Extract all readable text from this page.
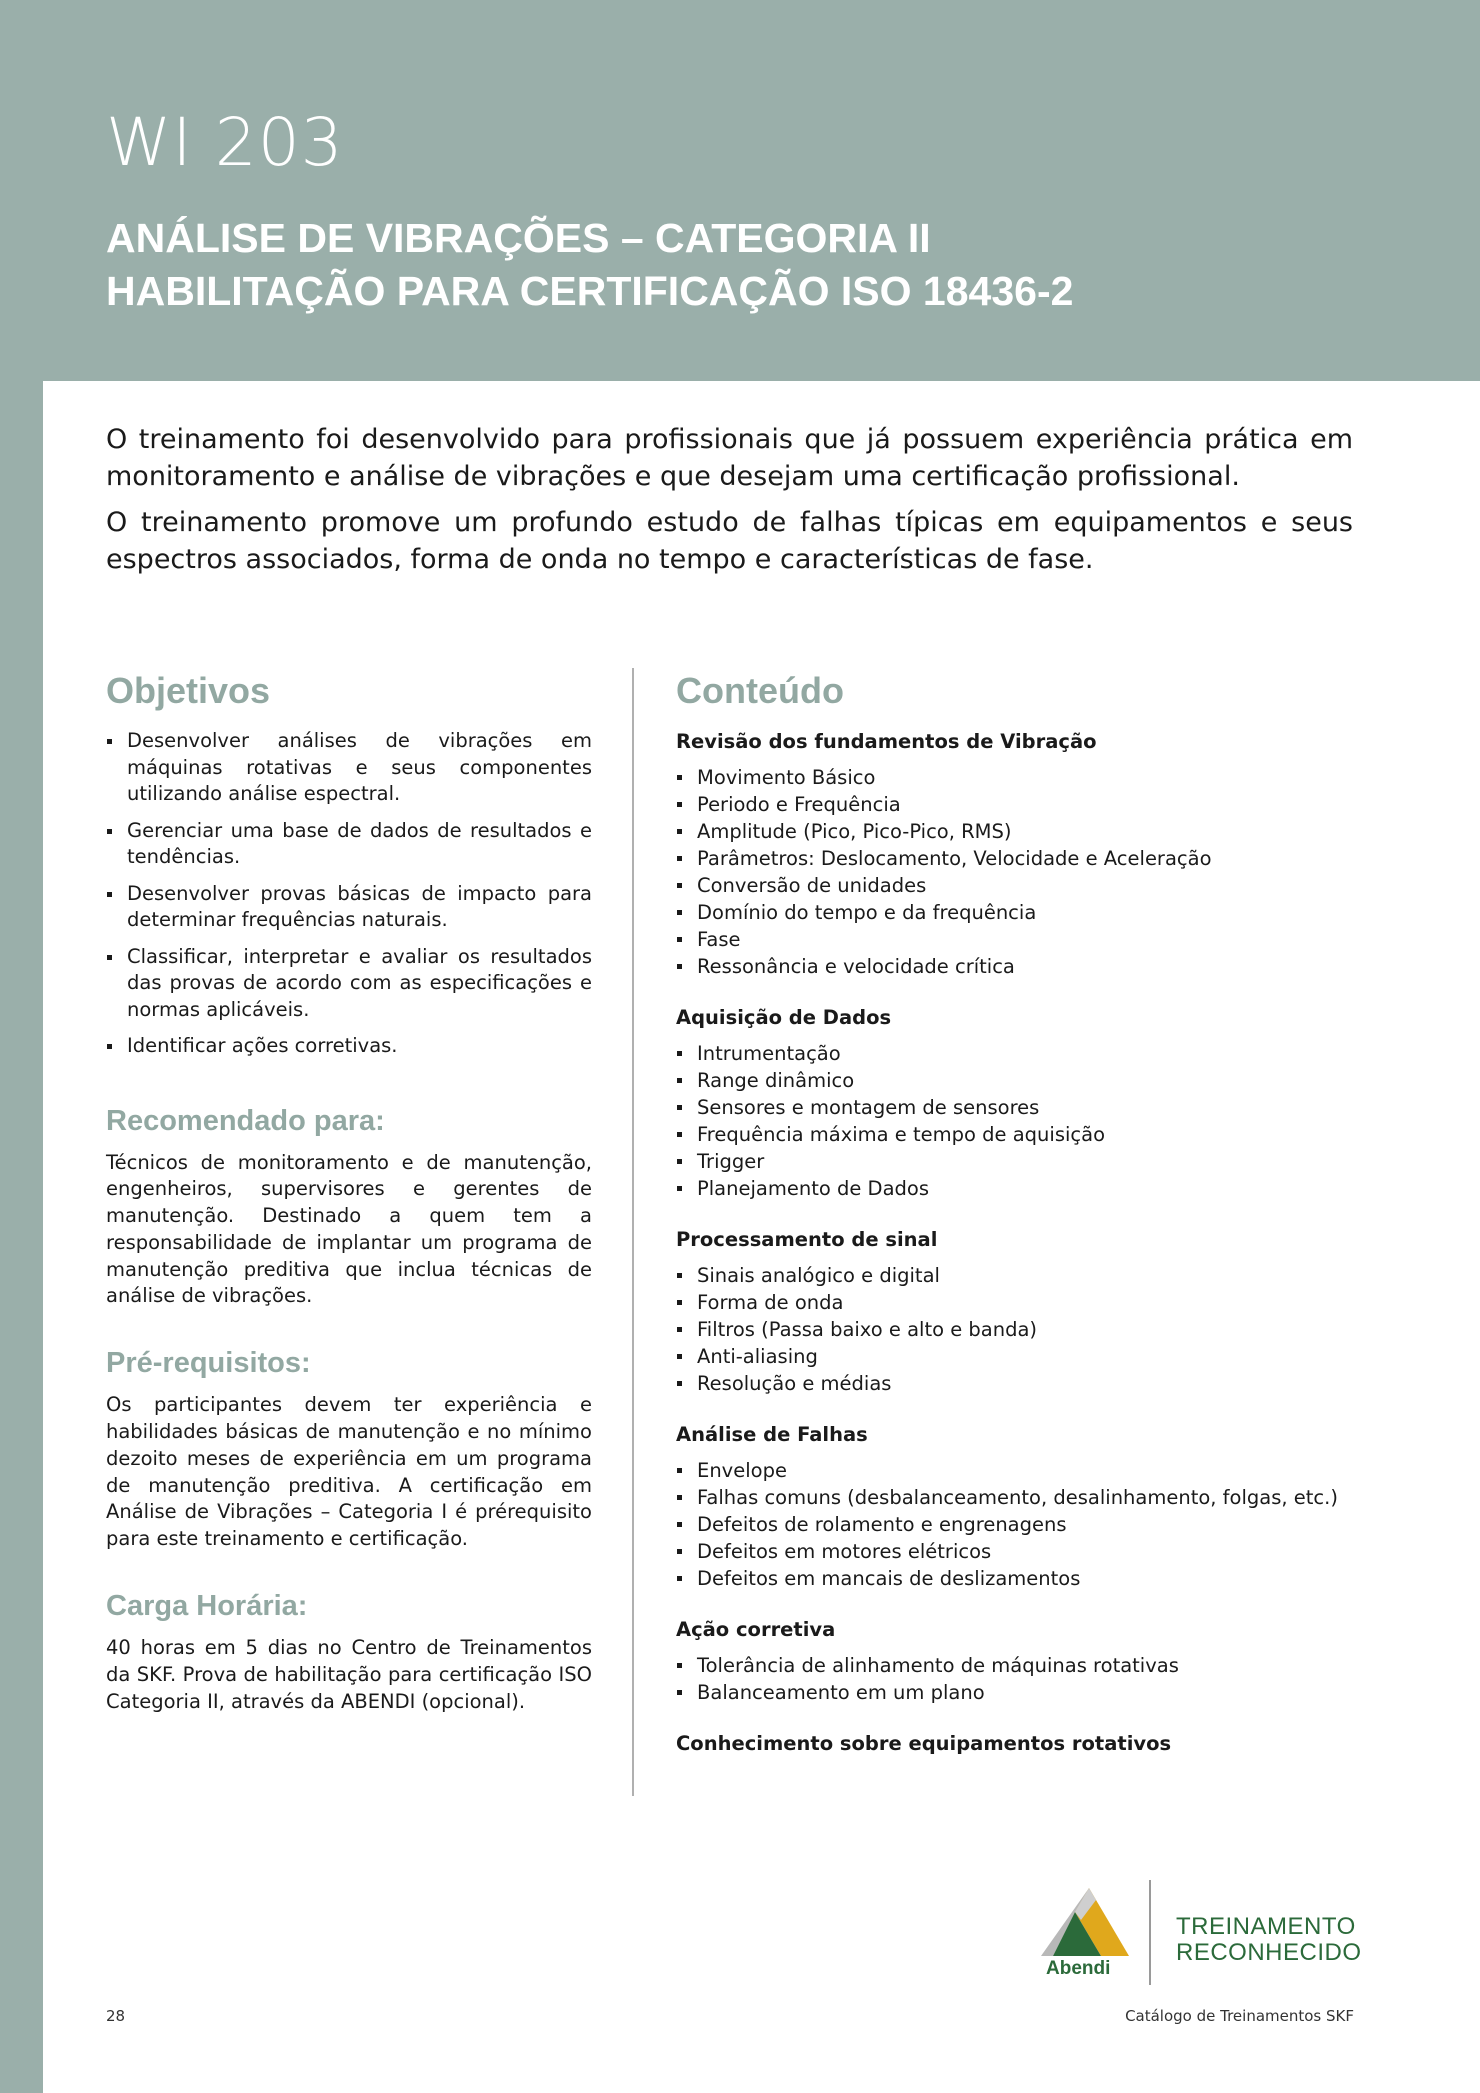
WI 203
ANÁLISE DE VIBRAÇÕES – CATEGORIA II
HABILITAÇÃO PARA CERTIFICAÇÃO ISO 18436-2

O treinamento foi desenvolvido para profissionais que já possuem experiência prática em monitoramento e análise de vibrações e que desejam uma certificação profissional.

O treinamento promove um profundo estudo de falhas típicas em equipamentos e seus espectros associados, forma de onda no tempo e características de fase.

Objetivos
Desenvolver análises de vibrações em máquinas rotativas e seus componentes utilizando análise espectral.
Gerenciar uma base de dados de resultados e tendências.
Desenvolver provas básicas de impacto para determinar frequências naturais.
Classificar, interpretar e avaliar os resultados das provas de acordo com as especificações e normas aplicáveis.
Identificar ações corretivas.
Recomendado para:

Técnicos de monitoramento e de manutenção, engenheiros, supervisores e gerentes de manutenção. Destinado a quem tem a responsabilidade de implantar um programa de manutenção preditiva que inclua técnicas de análise de vibrações.

Pré-requisitos:

Os participantes devem ter experiência e habilidades básicas de manutenção e no mínimo dezoito meses de experiência em um programa de manutenção preditiva. A certificação em Análise de Vibrações – Categoria I é prérequisito para este treinamento e certificação.

Carga Horária:

40 horas em 5 dias no Centro de Treinamentos da SKF. Prova de habilitação para certificação ISO Categoria II, através da ABENDI (opcional).

Conteúdo
Revisão dos fundamentos de Vibração
Movimento Básico
Periodo e Frequência
Amplitude (Pico, Pico-Pico, RMS)
Parâmetros: Deslocamento, Velocidade e Aceleração
Conversão de unidades
Domínio do tempo e da frequência
Fase
Ressonância e velocidade crítica
Aquisição de Dados
Intrumentação
Range dinâmico
Sensores e montagem de sensores
Frequência máxima e tempo de aquisição
Trigger
Planejamento de Dados
Processamento de sinal
Sinais analógico e digital
Forma de onda
Filtros (Passa baixo e alto e banda)
Anti-aliasing
Resolução e médias
Análise de Falhas
Envelope
Falhas comuns (desbalanceamento, desalinhamento, folgas, etc.)
Defeitos de rolamento e engrenagens
Defeitos em motores elétricos
Defeitos em mancais de deslizamentos
Ação corretiva
Tolerância de alinhamento de máquinas rotativas
Balanceamento em um plano
Conhecimento sobre equipamentos rotativos
Abendi
TREINAMENTO
RECONHECIDO
28	Catálogo de Treinamentos SKF
